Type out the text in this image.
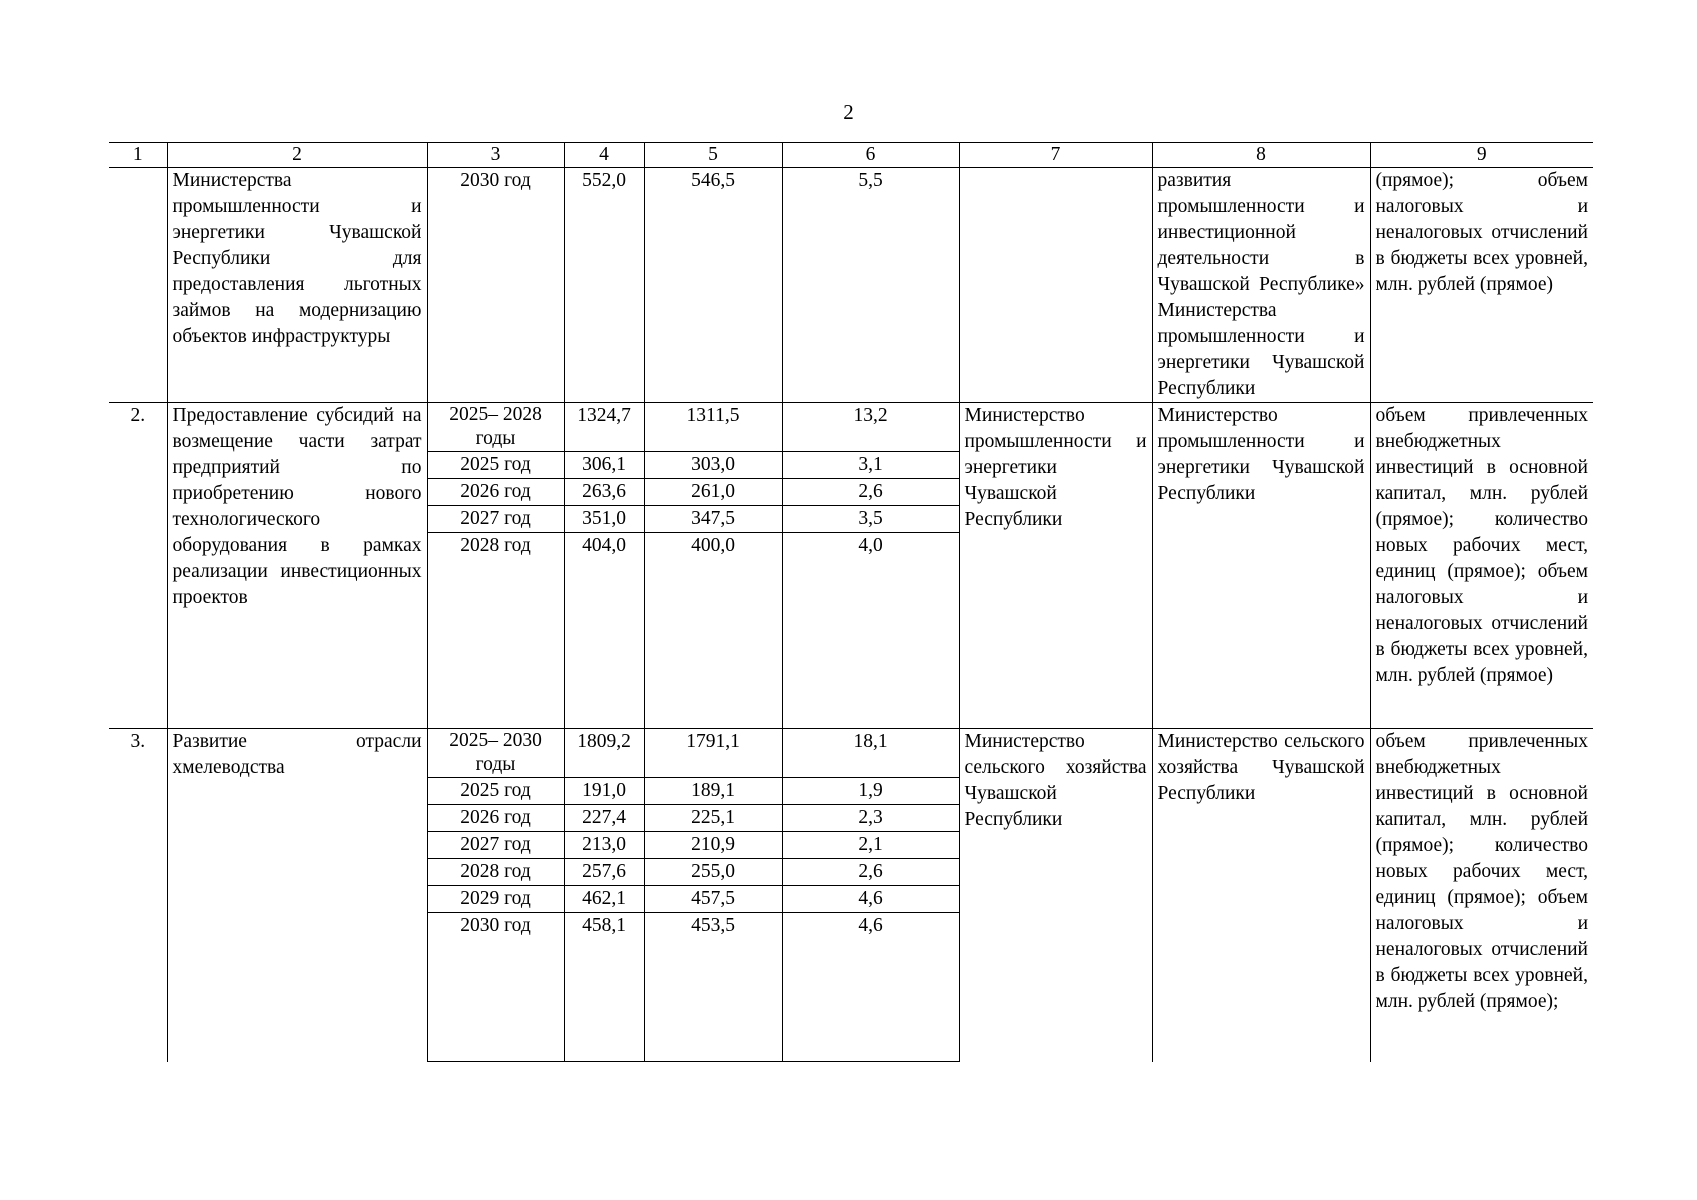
2
1	2	3	4	5	6	7	8	9
	Министерства промышленности и энергетики Чувашской Республики для предоставления льготных займов на модернизацию объектов инфраструктуры	2030 год	552,0	546,5	5,5		развития промышленности и инвестиционной деятельности в Чувашской Республике» Министерства промышленности и энергетики Чувашской Республики	(прямое); объем налоговых и неналоговых отчислений в бюджеты всех уровней, млн. рублей (прямое)
2.	Предоставление субсидий на возмещение части затрат предприятий по приобретению нового технологического оборудования в рамках реализации инвестиционных проектов	2025– 2028 годы	1324,7	1311,5	13,2	Министерство промышленности и энергетики Чувашской Республики	Министерство промышленности и энергетики Чувашской Республики	объем привлеченных внебюджетных инвестиций в основной капитал, млн. рублей (прямое); количество новых рабочих мест, единиц (прямое); объем налоговых и неналоговых отчислений в бюджеты всех уровней, млн. рублей (прямое)
		2025 год	306,1	303,0	3,1			
		2026 год	263,6	261,0	2,6			
		2027 год	351,0	347,5	3,5			
		2028 год	404,0	400,0	4,0			

3.	Развитие отрасли хмелеводства	2025– 2030 годы	1809,2	1791,1	18,1	Министерство сельского хозяйства Чувашской Республики	Министерство сельского хозяйства Чувашской Республики	объем привлеченных внебюджетных инвестиций в основной капитал, млн. рублей (прямое); количество новых рабочих мест, единиц (прямое); объем налоговых и неналоговых отчислений в бюджеты всех уровней, млн. рублей (прямое);
		2025 год	191,0	189,1	1,9			
		2026 год	227,4	225,1	2,3			
		2027 год	213,0	210,9	2,1			
		2028 год	257,6	255,0	2,6			
		2029 год	462,1	457,5	4,6			
		2030 год	458,1	453,5	4,6			
